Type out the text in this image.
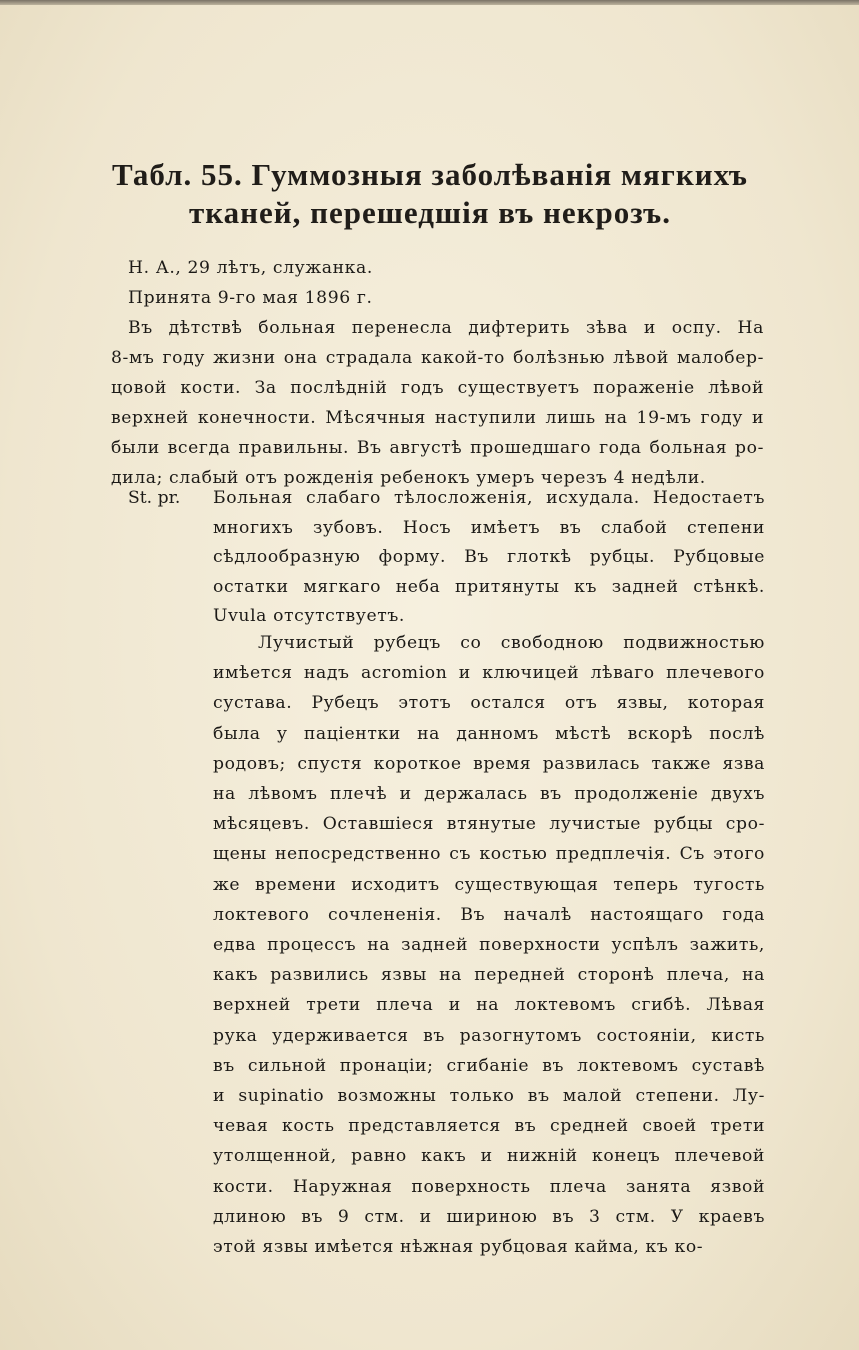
Табл. 55. Гуммозныя заболѣванія мягкихъ
тканей, перешедшія въ некрозъ.
Н. А., 29 лѣтъ, служанка.
Принята 9-го мая 1896 г.
Въ дѣтствѣ больная перенесла дифтерить зѣва и оспу. На
8-мъ году жизни она страдала какой-то болѣзнью лѣвой малобер-
цовой кости. За послѣдній годъ существуетъ пораженіе лѣвой
верхней конечности. Мѣсячныя наступили лишь на 19-мъ году и
были всегда правильны. Въ августѣ прошедшаго года больная ро-
дила; слабый отъ рожденія ребенокъ умеръ черезъ 4 недѣли.
St. pr. Больная слабаго тѣлосложенія, исхудала. Недостаетъ
многихъ зубовъ. Носъ имѣетъ въ слабой степени
сѣдлообразную форму. Въ глоткѣ рубцы. Рубцовые
остатки мягкаго неба притянуты къ задней стѣнкѣ.
Uvula отсутствуетъ.
Лучистый рубецъ со свободною подвижностью
имѣется надъ acromion и ключицей лѣваго плечевого
сустава. Рубецъ этотъ остался отъ язвы, которая
была у паціентки на данномъ мѣстѣ вскорѣ послѣ
родовъ; спустя короткое время развилась также язва
на лѣвомъ плечѣ и держалась въ продолженіе двухъ
мѣсяцевъ. Оставшіеся втянутые лучистые рубцы сро-
щены непосредственно съ костью предплечія. Съ этого
же времени исходитъ существующая теперь тугость
локтевого сочлененія. Въ началѣ настоящаго года
едва процессъ на задней поверхности успѣлъ зажить,
какъ развились язвы на передней сторонѣ плеча, на
верхней трети плеча и на локтевомъ сгибѣ. Лѣвая
рука удерживается въ разогнутомъ состояніи, кисть
въ сильной пронаціи; сгибаніе въ локтевомъ суставѣ
и supinatio возможны только въ малой степени. Лу-
чевая кость представляется въ средней своей трети
утолщенной, равно какъ и нижній конецъ плечевой
кости. Наружная поверхность плеча занята язвой
длиною въ 9 стм. и шириною въ 3 стм. У краевъ
этой язвы имѣется нѣжная рубцовая кайма, къ ко-
